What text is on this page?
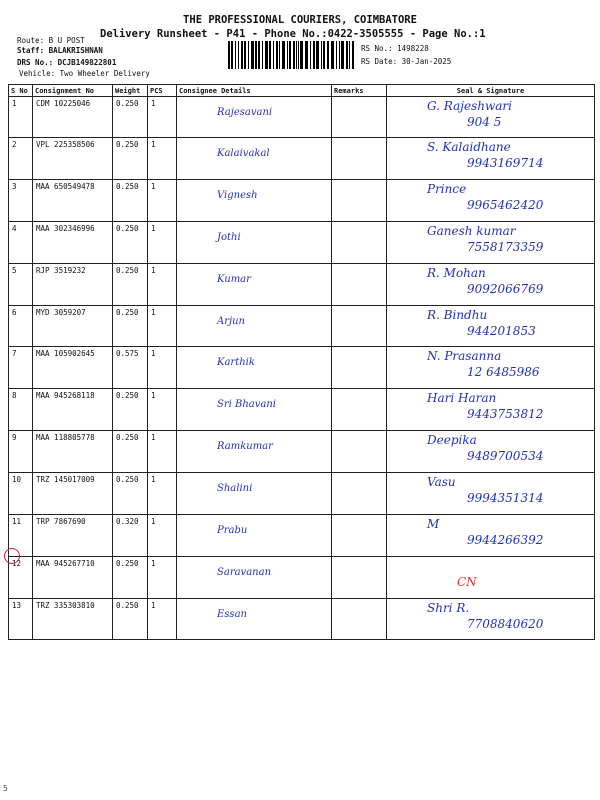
THE PROFESSIONAL COURIERS, COIMBATORE
Delivery Runsheet - P41 - Phone No.:0422-3505555 - Page No.:1
Route: B U POST
Staff: BALAKRISHNAN
DRS No.: DCJB149822801
Vehicle: Two Wheeler Delivery
RS No.: 1498228
RS Date: 30-Jan-2025
S No	Consignment No	Weight	PCS	Consignee Details	Remarks	Seal & Signature
1	CDM 10225046	0.250	1	Rajesavani		G. Rajeshwari
904 5

2	VPL 225358506	0.250	1	Kalaivakal		S. Kalaidhane
9943169714

3	MAA 650549478	0.250	1	Vignesh		Prince
9965462420

4	MAA 302346996	0.250	1	Jothi		Ganesh kumar
7558173359

5	RJP 3519232	0.250	1	Kumar		R. Mohan
9092066769

6	MYD 3059207	0.250	1	Arjun		R. Bindhu
944201853

7	MAA 105902645	0.575	1	Karthik		N. Prasanna
12 6485986

8	MAA 945268118	0.250	1	Sri Bhavani		Hari Haran
9443753812

9	MAA 118805778	0.250	1	Ramkumar		Deepika
9489700534

10	TRZ 145017009	0.250	1	Shalini		Vasu
9994351314

11	TRP 7867690	0.320	1	Prabu		M
9944266392

12	MAA 945267710	0.250	1	Saravanan		CN

13	TRZ 335303810	0.250	1	Essan		Shri R.
7708840620
5
